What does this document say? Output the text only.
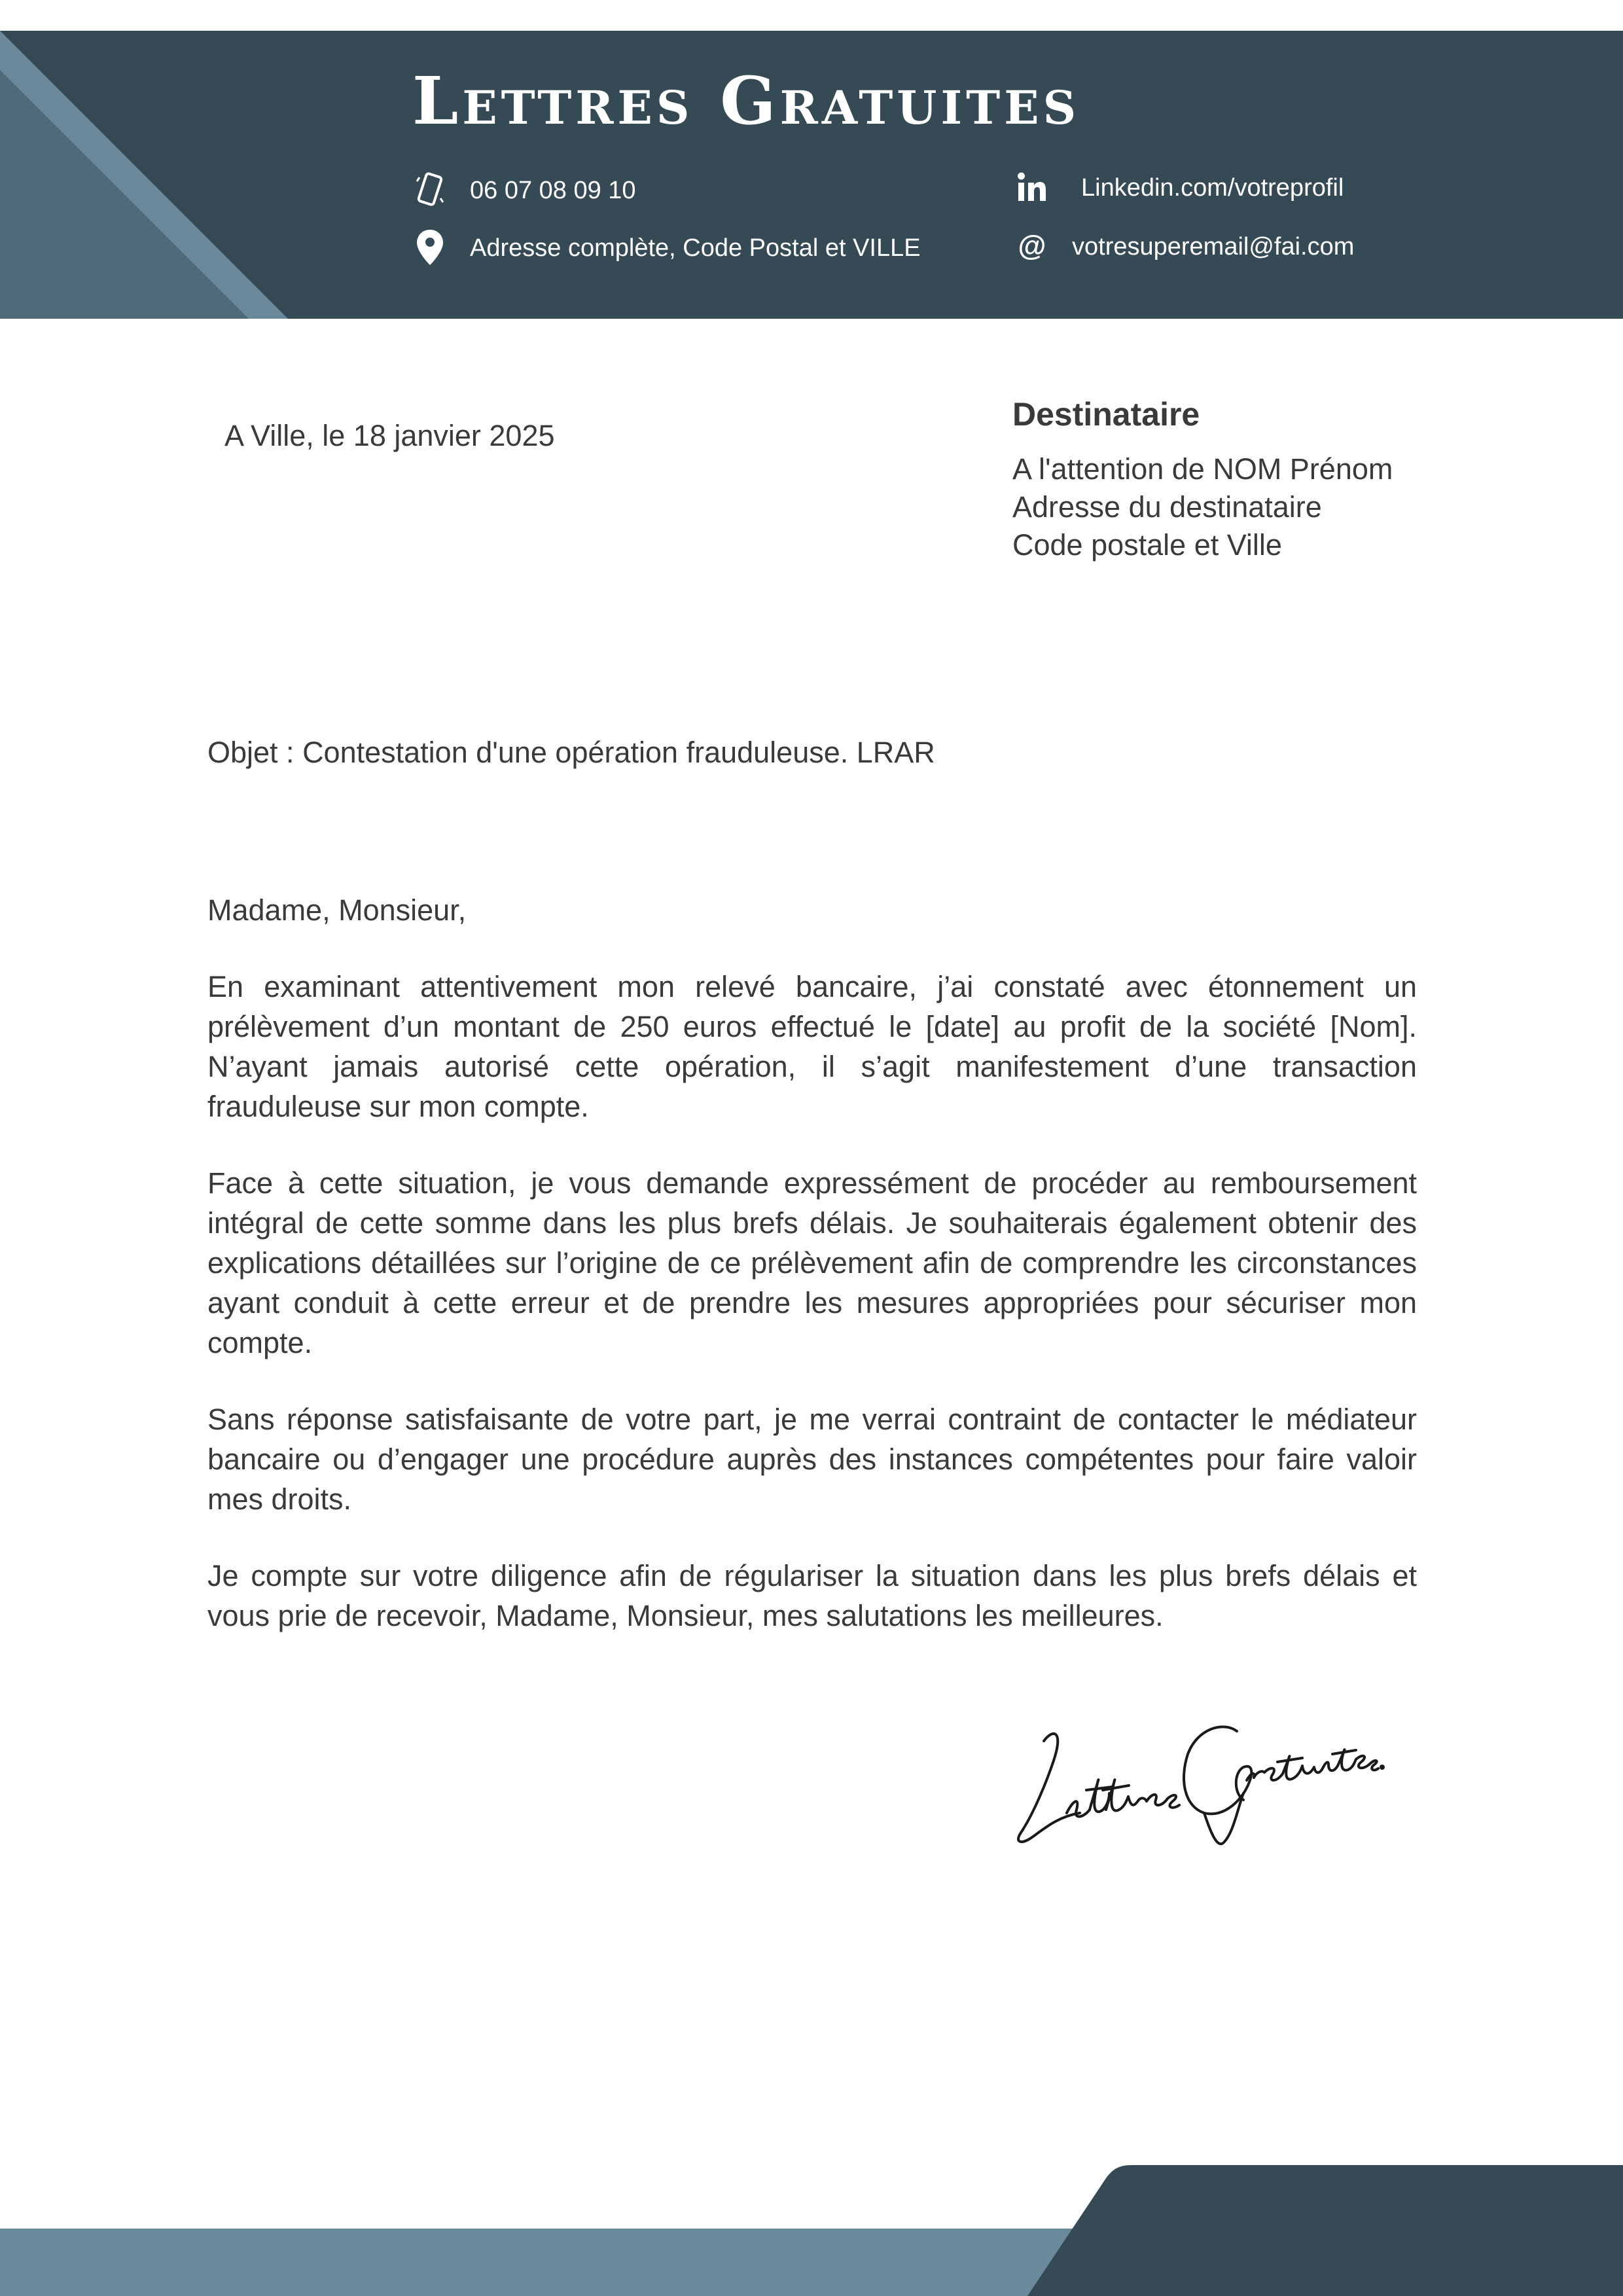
Lettres Gratuites
06 07 08 09 10
Adresse complète, Code Postal et VILLE
Linkedin.com/votreprofil
@ votresuperemail@fai.com
A Ville, le 18 janvier 2025
Destinataire
A l'attention de NOM Prénom
Adresse du destinataire
Code postale et Ville
Objet : Contestation d'une opération frauduleuse. LRAR

Madame, Monsieur,

En examinant attentivement mon relevé bancaire, j’ai constaté avec étonnement un prélèvement d’un montant de 250 euros effectué le [date] au profit de la société [Nom]. N’ayant jamais autorisé cette opération, il s’agit manifestement d’une transaction frauduleuse sur mon compte.

Face à cette situation, je vous demande expressément de procéder au remboursement intégral de cette somme dans les plus brefs délais. Je souhaiterais également obtenir des explications détaillées sur l’origine de ce prélèvement afin de comprendre les circonstances ayant conduit à cette erreur et de prendre les mesures appropriées pour sécuriser mon compte.

Sans réponse satisfaisante de votre part, je me verrai contraint de contacter le médiateur bancaire ou d’engager une procédure auprès des instances compétentes pour faire valoir mes droits.

Je compte sur votre diligence afin de régulariser la situation dans les plus brefs délais et vous prie de recevoir, Madame, Monsieur, mes salutations les meilleures.
